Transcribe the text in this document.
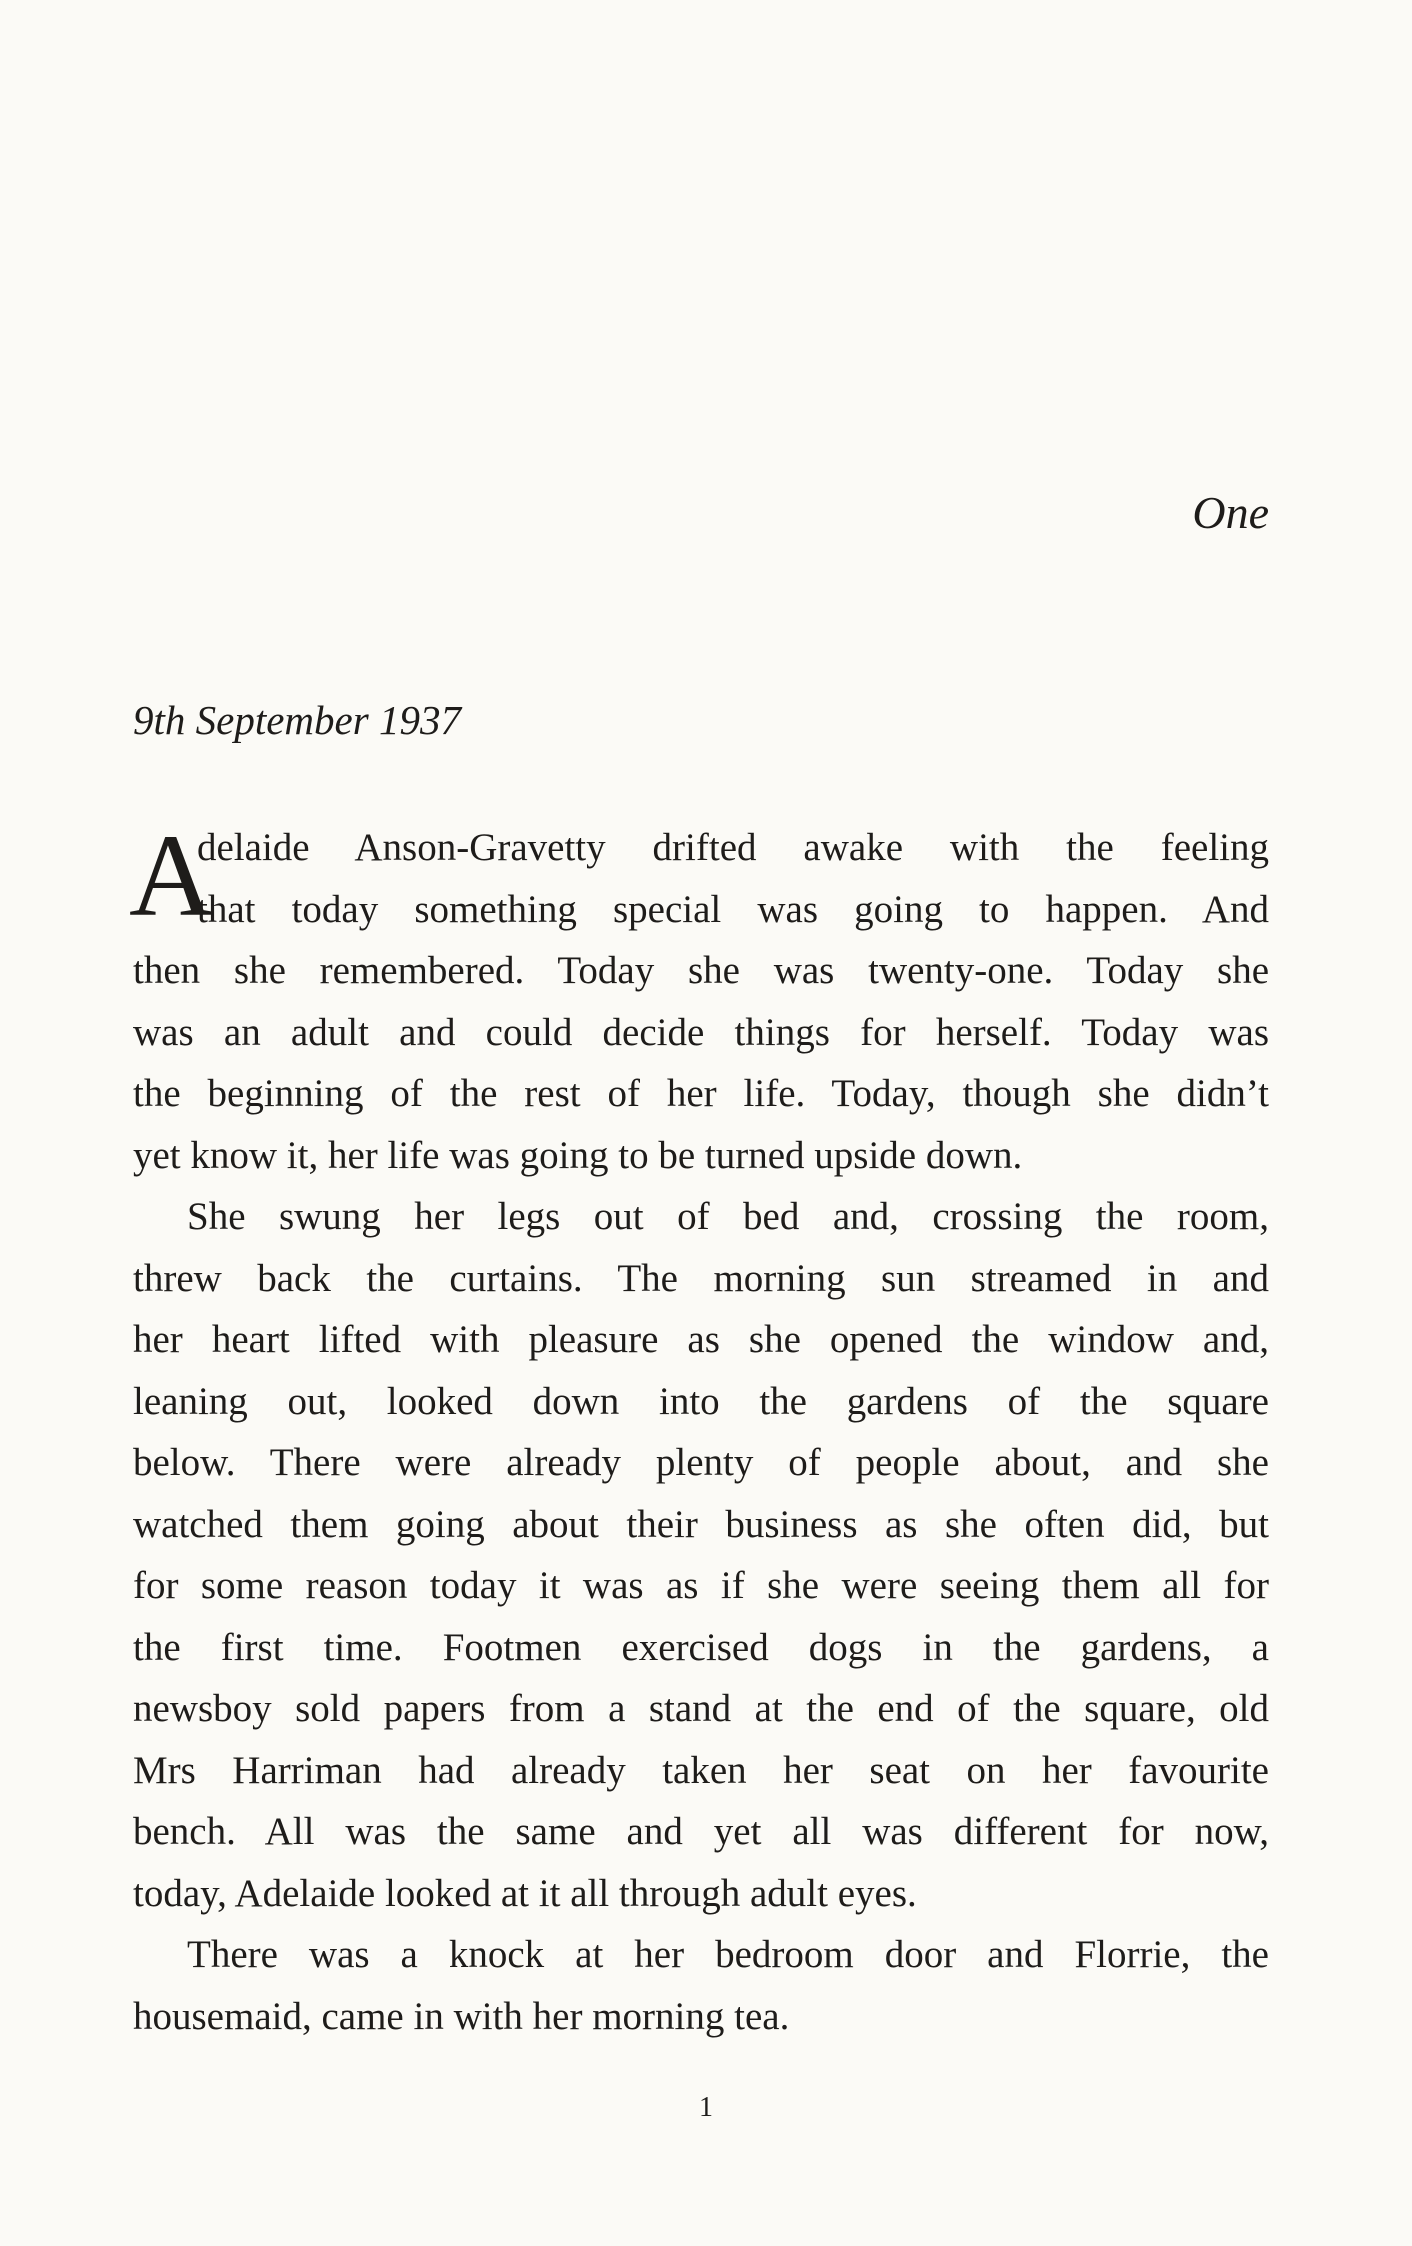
One
9th September 1937
A
delaide Anson-Gravetty drifted awake with the feeling
that today something special was going to happen. And
then she remembered. Today she was twenty-one. Today she
was an adult and could decide things for herself. Today was
the beginning of the rest of her life. Today, though she didn’t
yet know it, her life was going to be turned upside down.
She swung her legs out of bed and, crossing the room,
threw back the curtains. The morning sun streamed in and
her heart lifted with pleasure as she opened the window and,
leaning out, looked down into the gardens of the square
below. There were already plenty of people about, and she
watched them going about their business as she often did, but
for some reason today it was as if she were seeing them all for
the first time. Footmen exercised dogs in the gardens, a
newsboy sold papers from a stand at the end of the square, old
Mrs Harriman had already taken her seat on her favourite
bench. All was the same and yet all was different for now,
today, Adelaide looked at it all through adult eyes.
There was a knock at her bedroom door and Florrie, the
housemaid, came in with her morning tea.
1
